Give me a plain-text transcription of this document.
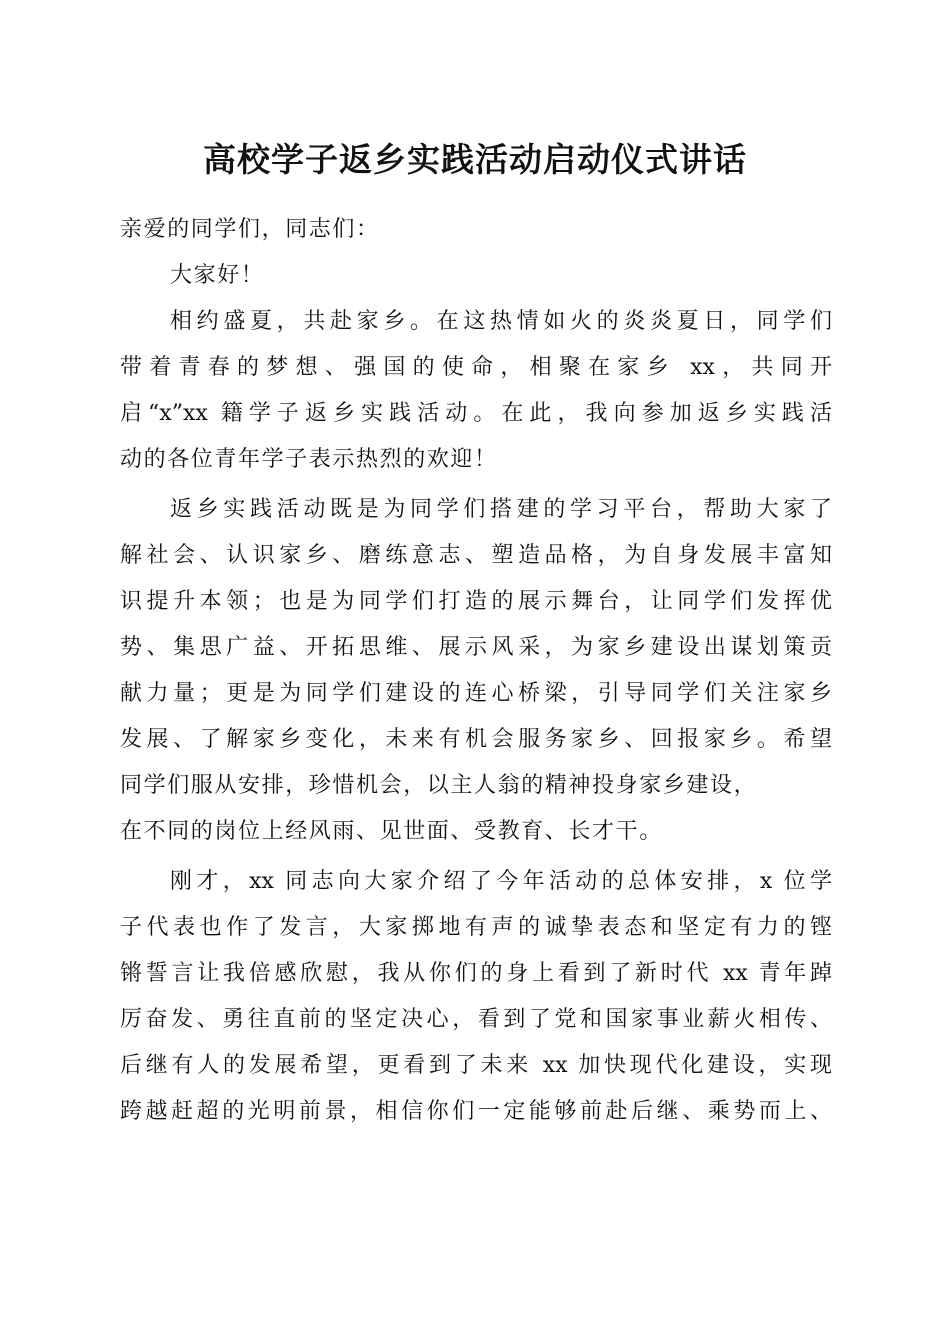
高校学子返乡实践活动启动仪式讲话
亲爱的同学们，同志们：
大家好！
相约盛夏，共赴家乡。在这热情如火的炎炎夏日，同学们
带着青春的梦想、强国的使命，相聚在家乡 xx，共同开
启“x”xx 籍学子返乡实践活动。在此，我向参加返乡实践活
动的各位青年学子表示热烈的欢迎！
返乡实践活动既是为同学们搭建的学习平台，帮助大家了
解社会、认识家乡、磨练意志、塑造品格，为自身发展丰富知
识提升本领；也是为同学们打造的展示舞台，让同学们发挥优
势、集思广益、开拓思维、展示风采，为家乡建设出谋划策贡
献力量；更是为同学们建设的连心桥梁，引导同学们关注家乡
发展、了解家乡变化，未来有机会服务家乡、回报家乡。希望
同学们服从安排，珍惜机会，以主人翁的精神投身家乡建设，
在不同的岗位上经风雨、见世面、受教育、长才干。
刚才，xx 同志向大家介绍了今年活动的总体安排，x 位学
子代表也作了发言，大家掷地有声的诚挚表态和坚定有力的铿
锵誓言让我倍感欣慰，我从你们的身上看到了新时代 xx 青年踔
厉奋发、勇往直前的坚定决心，看到了党和国家事业薪火相传、
后继有人的发展希望，更看到了未来 xx 加快现代化建设，实现
跨越赶超的光明前景，相信你们一定能够前赴后继、乘势而上、
